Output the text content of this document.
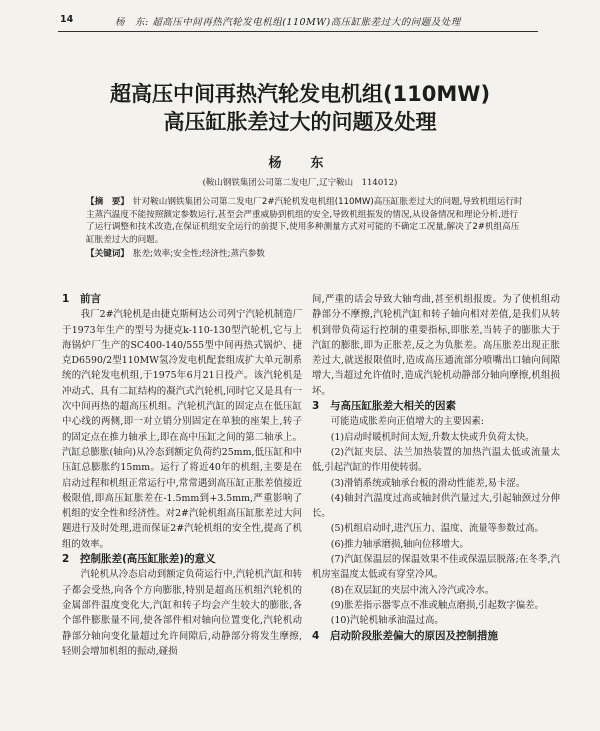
14	杨　东: 超高压中间再热汽轮发电机组(110MW)高压缸胀差过大的问题及处理
超高压中间再热汽轮发电机组(110MW)
高压缸胀差过大的问题及处理
杨　东
(鞍山钢铁集团公司第二发电厂,辽宁鞍山　114012)

【摘　要】 针对鞍山钢铁集团公司第二发电厂2#汽轮机发电机组(110MW)高压缸胀差过大的问题,导致机组运行时主蒸汽温度不能按照额定参数运行,甚至会严重威胁到机组的安全,导致机组振发的情况,从设备情况和理论分析,进行了运行调整和技术改造,在保证机组安全运行的前提下,使用多种测量方式对可能的不确定工况量,解决了2#机组高压缸胀差过大的问题。

【关键词】 胀差;效率;安全性;经济性;蒸汽参数

1 前言

我厂2#汽轮机是由捷克斯柯达公司列宁汽轮机制造厂于1973年生产的型号为捷克k-110-130型汽轮机,它与上海锅炉厂生产的SC400-140/555型中间再热式锅炉、捷克D6590/2型110MW氢冷发电机配套组成扩大单元制系统的汽轮发电机组,于1975年6月21日投产。该汽轮机是冲动式、具有二缸结构的凝汽式汽轮机,同时它又是具有一次中间再热的超高压机组。汽轮机汽缸的固定点在低压缸中心线的两侧,即一对立销分别固定在单独的座架上,转子的固定点在推力轴承上,即在高中压缸之间的第二轴承上。汽缸总膨胀(轴向)从冷态到额定负荷约25mm,低压缸和中压缸总膨胀约15mm。运行了将近40年的机组,主要是在启动过程和机组正常运行中,常常遇到高压缸正胀差值接近极限值,即高压缸胀差在-1.5mm到+3.5mm,严重影响了机组的安全性和经济性。对2#汽轮机组高压缸胀差过大问题进行及时处理,进而保证2#汽轮机组的安全性,提高了机组的效率。

2 控制胀差(高压缸胀差)的意义

汽轮机从冷态启动到额定负荷运行中,汽轮机汽缸和转子都会受热,向各个方向膨胀,特别是超高压机组汽轮机的金属部件温度变化大,汽缸和转子均会产生较大的膨胀,各个部件膨胀量不同,使各部件相对轴向位置变化,汽轮机动静部分轴向变化量超过允许间隙后,动静部分将发生摩擦,轻则会增加机组的振动,碰损

间,严重的话会导致大轴弯曲,甚至机组报废。为了使机组动静部分不摩擦,汽轮机汽缸和转子轴向相对差值,是我们从转机到带负荷运行控制的重要指标,即胀差,当转子的膨胀大于汽缸的膨胀,即为正胀差,反之为负胀差。高压胀差出现正胀差过大,就送报限值时,造成高压通流部分喷嘴出口轴向间隙增大,当超过允许值时,造成汽轮机动静部分轴向摩擦,机组损坏。

3 与高压缸胀差大相关的因素

可能造成胀差向正值增大的主要因素:

(1)启动时暖机时间太短,升数太快或升负荷太快。

(2)汽缸夹层、法兰加热装置的加热汽温太低或流量太低,引起汽缸的作用使转弱。

(3)滑销系统或轴承台板的滑动性能差,易卡涩。

(4)轴封汽温度过高或轴封供汽量过大,引起轴颈过分伸长。

(5)机组启动时,进汽压力、温度、流量等参数过高。

(6)推力轴承磨损,轴向位移增大。

(7)汽缸保温层的保温效果不佳或保温层脱落;在冬季,汽机房室温度太低或有穿堂冷风。

(8)在双层缸的夹层中流入冷汽或冷水。

(9)胀差指示器零点不准或触点磨损,引起数字偏差。

(10)汽轮机轴承油温过高。

4 启动阶段胀差偏大的原因及控制措施
